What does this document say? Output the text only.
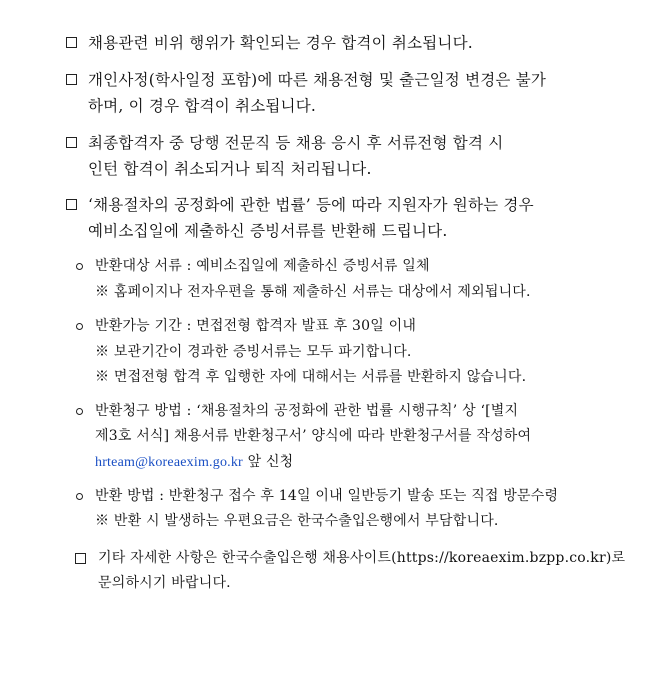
채용관련 비위 행위가 확인되는 경우 합격이 취소됩니다.
개인사정(학사일정 포함)에 따른 채용전형 및 출근일정 변경은 불가
하며, 이 경우 합격이 취소됩니다.
최종합격자 중 당행 전문직 등 채용 응시 후 서류전형 합격 시
인턴 합격이 취소되거나 퇴직 처리됩니다.
‘채용절차의 공정화에 관한 법률’ 등에 따라 지원자가 원하는 경우
예비소집일에 제출하신 증빙서류를 반환해 드립니다.
반환대상 서류 : 예비소집일에 제출하신 증빙서류 일체
※ 홈페이지나 전자우편을 통해 제출하신 서류는 대상에서 제외됩니다.
반환가능 기간 : 면접전형 합격자 발표 후 30일 이내
※ 보관기간이 경과한 증빙서류는 모두 파기합니다.
※ 면접전형 합격 후 입행한 자에 대해서는 서류를 반환하지 않습니다.
반환청구 방법 : ‘채용절차의 공정화에 관한 법률 시행규칙’ 상 ‘[별지
제3호 서식] 채용서류 반환청구서’ 양식에 따라 반환청구서를 작성하여
hrteam@koreaexim.go.kr 앞 신청
반환 방법 : 반환청구 접수 후 14일 이내 일반등기 발송 또는 직접 방문수령
※ 반환 시 발생하는 우편요금은 한국수출입은행에서 부담합니다.
기타 자세한 사항은 한국수출입은행 채용사이트(https://koreaexim.bzpp.co.kr)로
문의하시기 바랍니다.
